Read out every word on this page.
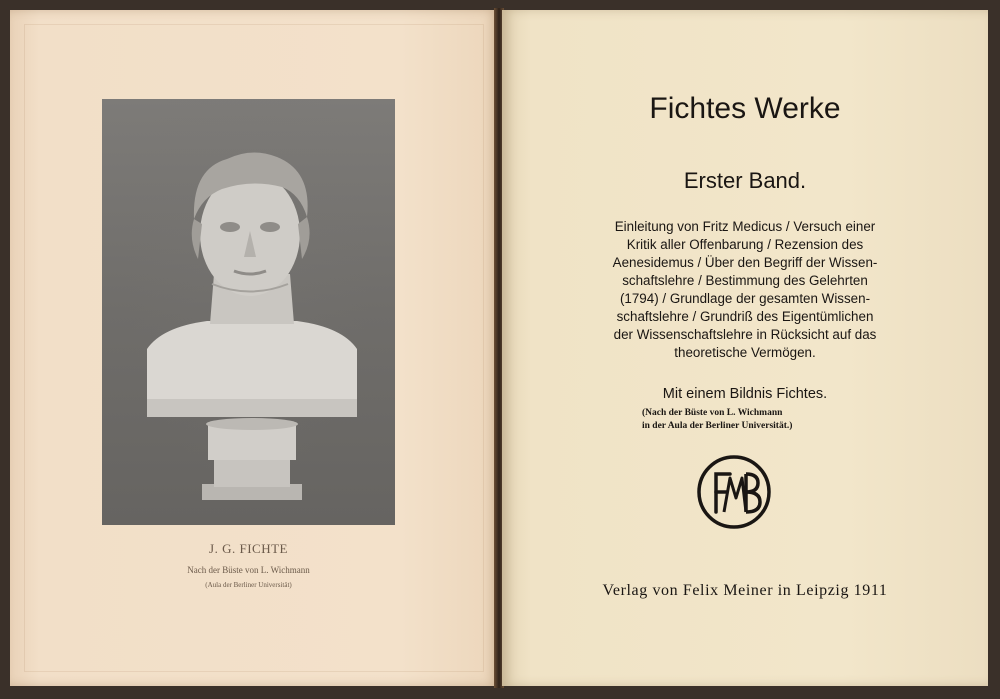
J. G. FICHTE
Nach der Büste von L. Wichmann
(Aula der Berliner Universität)
Fichtes Werke
Erster Band.
Einleitung von Fritz Medicus / Versuch einer
Kritik aller Offenbarung / Rezension des
Aenesidemus / Über den Begriff der Wissen-
schaftslehre / Bestimmung des Gelehrten
(1794) / Grundlage der gesamten Wissen-
schaftslehre / Grundriß des Eigentümlichen
der Wissenschaftslehre in Rücksicht auf das
theoretische Vermögen.
Mit einem Bildnis Fichtes.
(Nach der Büste von L. Wichmann
in der Aula der Berliner Universität.)
Verlag von Felix Meiner in Leipzig 1911
